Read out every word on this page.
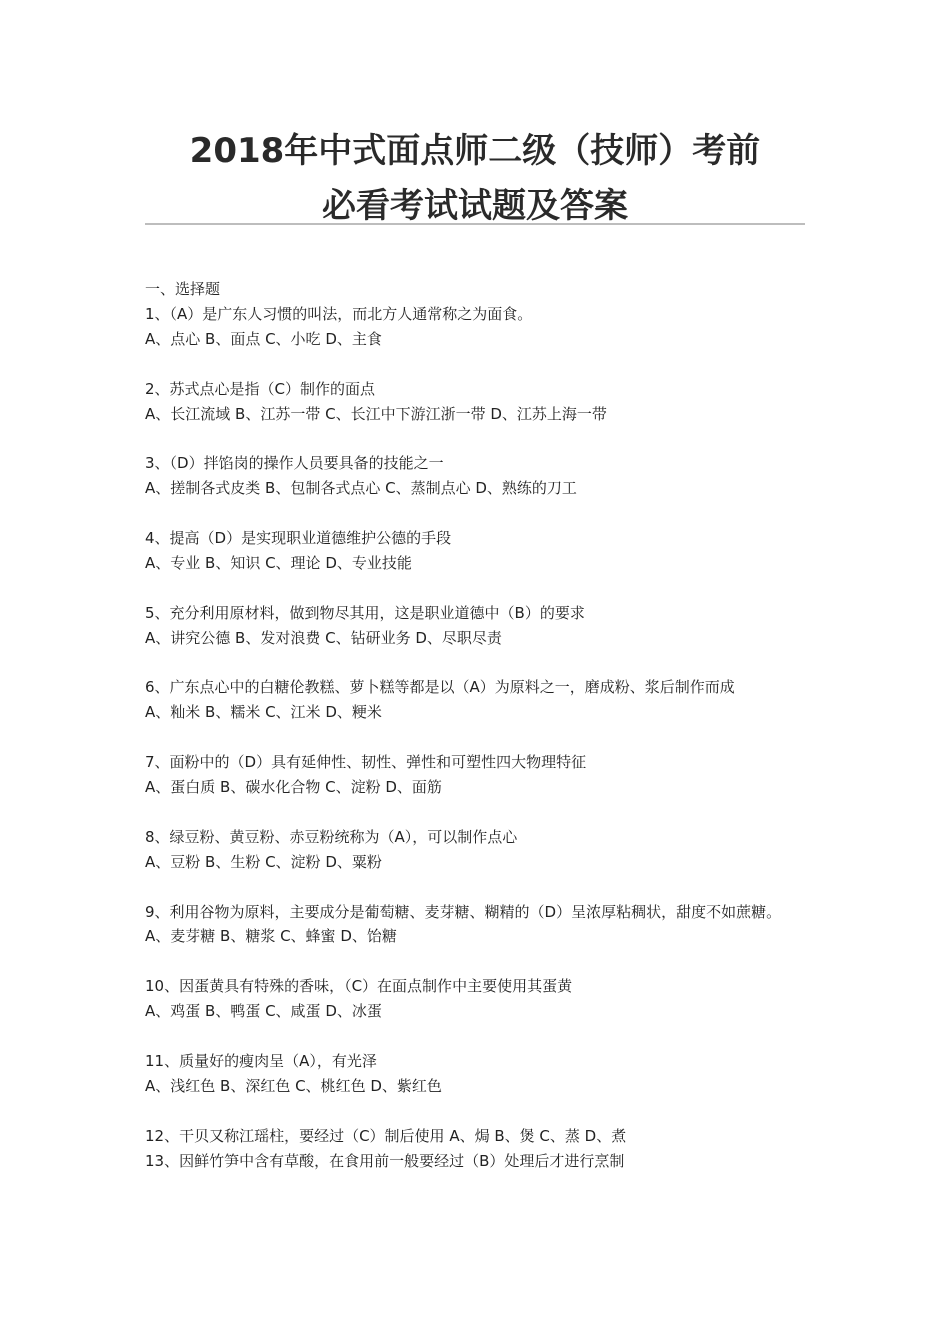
2018年中式面点师二级（技师）考前
必看考试试题及答案

一、选择题

1、（A）是广东人习惯的叫法，而北方人通常称之为面食。

A、点心 B、面点 C、小吃 D、主食

2、苏式点心是指（C）制作的面点

A、长江流域 B、江苏一带 C、长江中下游江浙一带 D、江苏上海一带

3、（D）拌馅岗的操作人员要具备的技能之一

A、搓制各式皮类 B、包制各式点心 C、蒸制点心 D、熟练的刀工

4、提高（D）是实现职业道德维护公德的手段

A、专业 B、知识 C、理论 D、专业技能

5、充分利用原材料，做到物尽其用，这是职业道德中（B）的要求

A、讲究公德 B、发对浪费 C、钻研业务 D、尽职尽责

6、广东点心中的白糖伦教糕、萝卜糕等都是以（A）为原料之一，磨成粉、浆后制作而成

A、籼米 B、糯米 C、江米 D、粳米

7、面粉中的（D）具有延伸性、韧性、弹性和可塑性四大物理特征

A、蛋白质 B、碳水化合物 C、淀粉 D、面筋

8、绿豆粉、黄豆粉、赤豆粉统称为（A），可以制作点心

A、豆粉 B、生粉 C、淀粉 D、粟粉

9、利用谷物为原料，主要成分是葡萄糖、麦芽糖、糊精的（D）呈浓厚粘稠状，甜度不如蔗糖。

A、麦芽糖 B、糖浆 C、蜂蜜 D、饴糖

10、因蛋黄具有特殊的香味，（C）在面点制作中主要使用其蛋黄

A、鸡蛋 B、鸭蛋 C、咸蛋 D、冰蛋

11、质量好的瘦肉呈（A），有光泽

A、浅红色 B、深红色 C、桃红色 D、紫红色

12、干贝又称江瑶柱，要经过（C）制后使用 A、焗 B、煲 C、蒸 D、煮

13、因鲜竹笋中含有草酸，在食用前一般要经过（B）处理后才进行烹制
